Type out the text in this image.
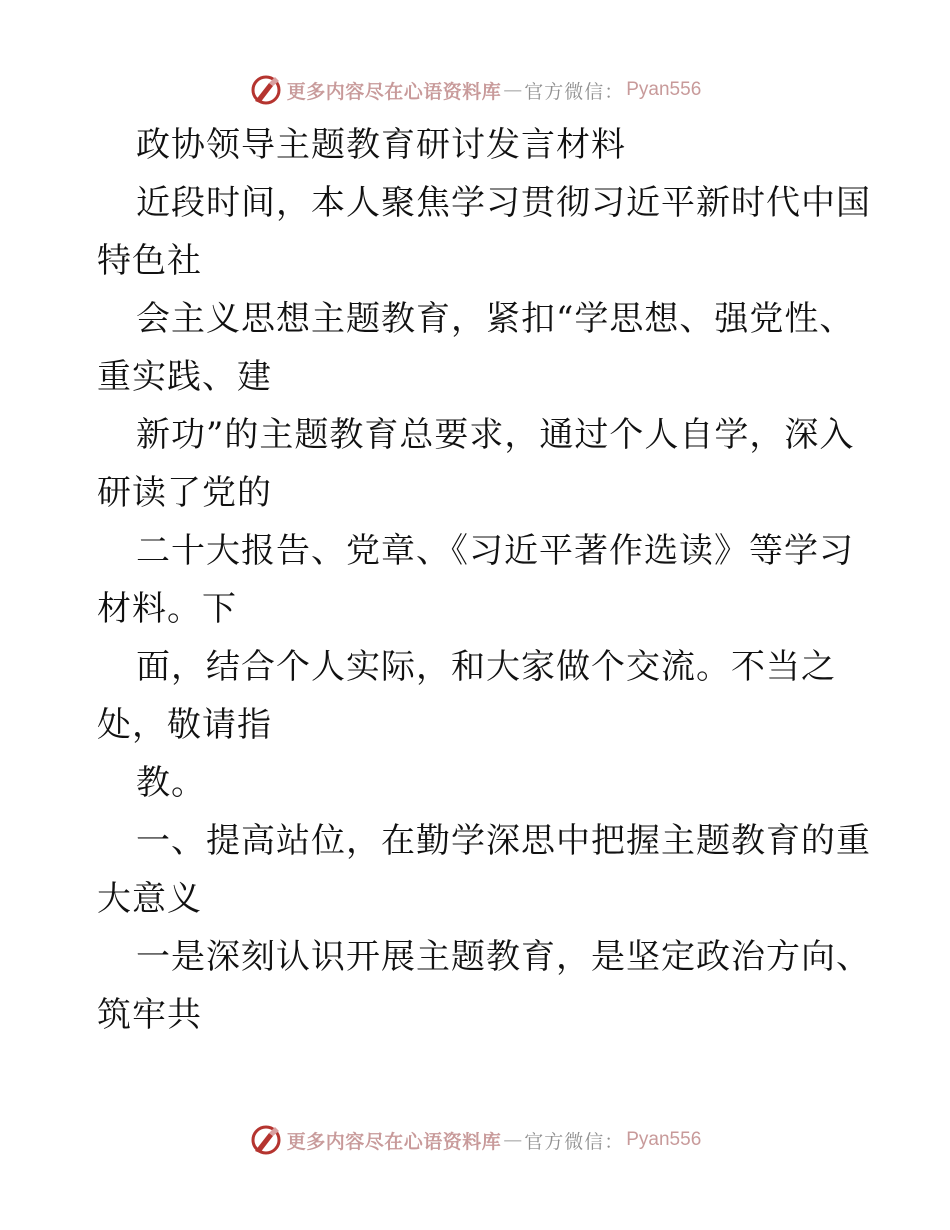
更多内容尽在心语资料库 — 官方微信： Pyan556
政协领导主题教育研讨发言材料
近段时间，本人聚焦学习贯彻习近平新时代中国
特色社
会主义思想主题教育，紧扣“学思想、强党性、
重实践、建
新功”的主题教育总要求，通过个人自学，深入
研读了党的
二十大报告、党章、《习近平著作选读》等学习
材料。下
面，结合个人实际，和大家做个交流。不当之
处，敬请指
教。
一、提高站位，在勤学深思中把握主题教育的重
大意义
一是深刻认识开展主题教育，是坚定政治方向、
筑牢共
更多内容尽在心语资料库 — 官方微信： Pyan556
